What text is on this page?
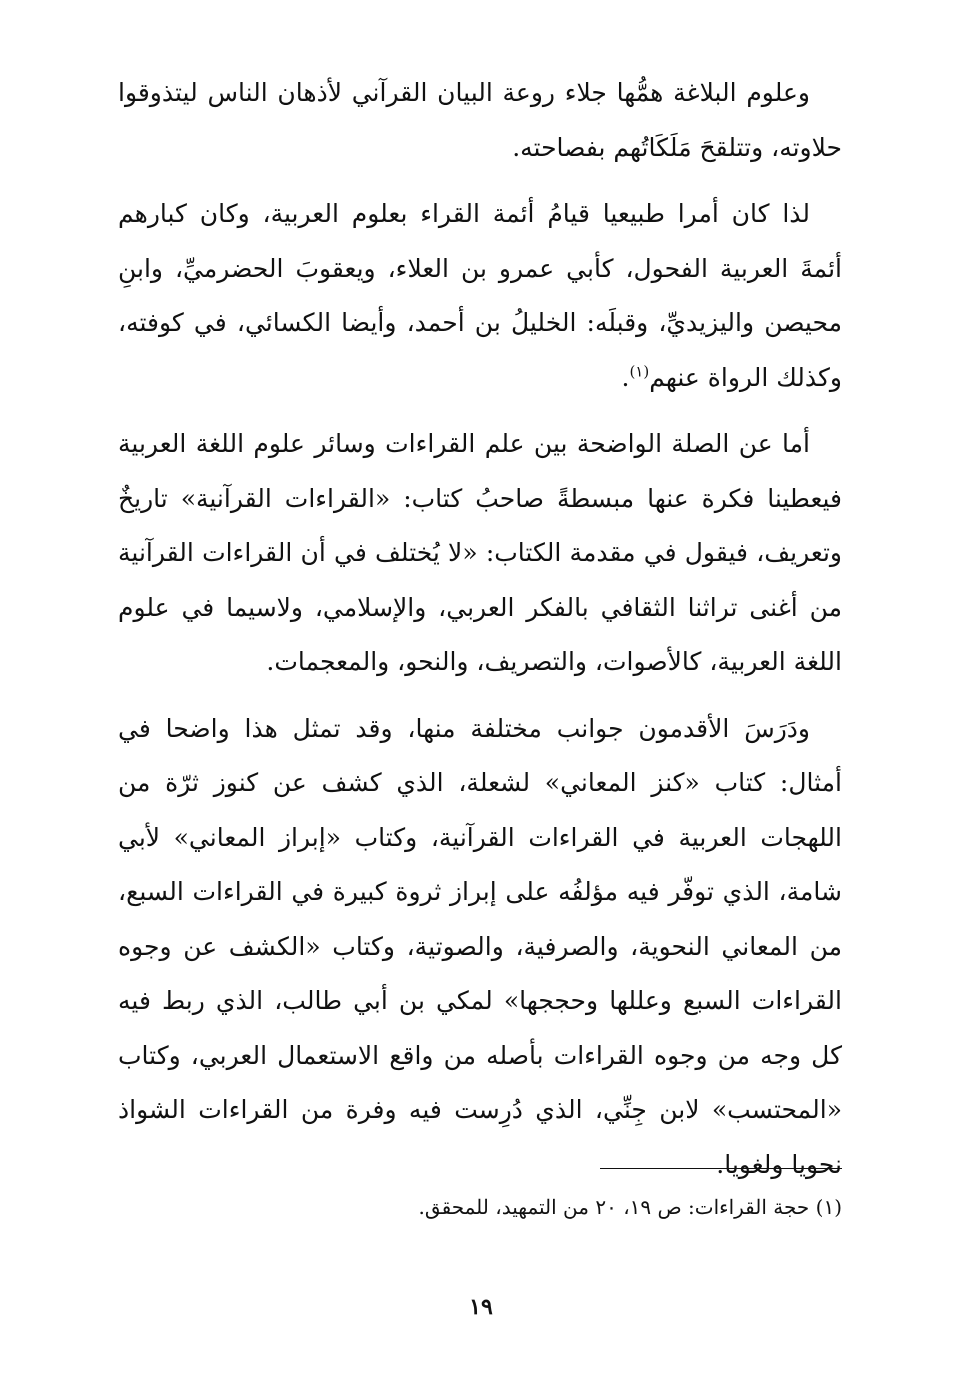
وعلوم البلاغة همُّها جلاء روعة البيان القرآني لأذهان الناس ليتذوقوا حلاوته، وتتلقحَ مَلَكَاتُهم بفصاحته.

لذا كان أمرا طبيعيا قيامُ أئمة القراء بعلوم العربية، وكان كبارهم أئمةَ العربية الفحول، كأبي عمرو بن العلاء، ويعقوبَ الحضرميِّ، وابنِ محيصن واليزيديِّ، وقبلَه: الخليلُ بن أحمد، وأيضا الكسائي، في كوفته، وكذلك الرواة عنهم$^{(١)}$.

أما عن الصلة الواضحة بين علم القراءات وسائر علوم اللغة العربية فيعطينا فكرة عنها مبسطةً صاحبُ كتاب: «القراءات القرآنية» تاريخٌ وتعريف، فيقول في مقدمة الكتاب: «لا يُختلف في أن القراءات القرآنية من أغنى تراثنا الثقافي بالفكر العربي، والإسلامي، ولاسيما في علوم اللغة العربية، كالأصوات، والتصريف، والنحو، والمعجمات.

ودَرَسَ الأقدمون جوانب مختلفة منها، وقد تمثل هذا واضحا في أمثال: كتاب «كنز المعاني» لشعلة، الذي كشف عن كنوز ثرّة من اللهجات العربية في القراءات القرآنية، وكتاب «إبراز المعاني» لأبي شامة، الذي توفّر فيه مؤلفُه على إبراز ثروة كبيرة في القراءات السبع، من المعاني النحوية، والصرفية، والصوتية، وكتاب «الكشف عن وجوه القراءات السبع وعللها وحججها» لمكي بن أبي طالب، الذي ربط فيه كل وجه من وجوه القراءات بأصله من واقع الاستعمال العربي، وكتاب «المحتسب» لابن جِنِّي، الذي دُرِست فيه وفرة من القراءات الشواذ نحويا ولغويا.

(١) حجة القراءات: ص ١٩، ٢٠ من التمهيد، للمحقق.
١٩
